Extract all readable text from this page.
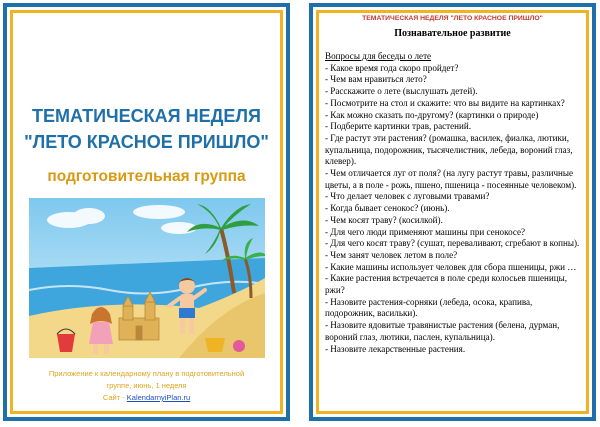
ТЕМАТИЧЕСКАЯ НЕДЕЛЯ
"ЛЕТО КРАСНОЕ ПРИШЛО"
подготовительная группа
Приложение к календарному плану в подготовительной
группе, июнь, 1 неделя
Сайт - KalendarnyiPlan.ru
ТЕМАТИЧЕСКАЯ НЕДЕЛЯ "ЛЕТО КРАСНОЕ ПРИШЛО"
Познавательное развитие
Вопросы для беседы о лете
- Какое время года скоро пройдет?
- Чем вам нравиться лето?
- Расскажите о лете (выслушать детей).
- Посмотрите на стол и скажите: что вы видите на картинках?
- Как можно сказать по-другому? (картинки о природе)
- Подберите картинки трав, растений.
- Где растут эти растения? (ромашка, василек, фиалка, лютики, купальница, подорожник, тысячелистник, лебеда, вороний глаз, клевер).
- Чем отличается луг от поля? (на лугу растут травы, различные цветы, а в поле - рожь, пшено, пшеница - посеянные человеком).
- Что делает человек с луговыми травами?
- Когда бывает сенокос? (июнь).
- Чем косят траву? (косилкой).
- Для чего люди применяют машины при сенокосе?
- Для чего косят траву? (сушат, переваливают, сгребают в копны).
- Чем занят человек летом в поле?
- Какие машины использует человек для сбора пшеницы, ржи …
- Какие растения встречается в поле среди колосьев пшеницы, ржи?
- Назовите растения-сорняки (лебеда, осока, крапива, подорожник, васильки).
- Назовите ядовитые травянистые растения (белена, дурман, вороний глаз, лютики, паслен, купальница).
- Назовите лекарственные растения.
